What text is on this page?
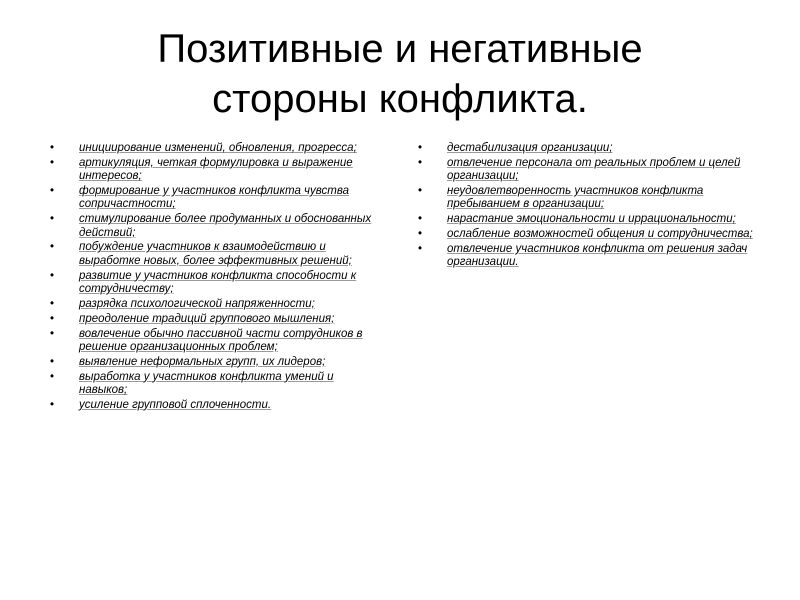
Позитивные и негативные
стороны конфликта.
• инициирование изменений, обновления, прогресса;
• артикуляция, четкая формулировка и выражение интересов;
• формирование у участников конфликта чувства сопричастности;
• стимулирование более продуманных и обоснованных действий;
• побуждение участников к взаимодействию и выработке новых, более эффективных решений;
• развитие у участников конфликта способности к сотрудничеству;
• разрядка психологической напряженности;
• преодоление традиций группового мышления;
• вовлечение обычно пассивной части сотрудников в решение организационных проблем;
• выявление неформальных групп, их лидеров;
• выработка у участников конфликта умений и навыков;
• усиление групповой сплоченности.
• дестабилизация организации;
• отвлечение персонала от реальных проблем и целей организации;
• неудовлетворенность участников конфликта пребыванием в организации;
• нарастание эмоциональности и иррациональности;
• ослабление возможностей общения и сотрудничества;
• отвлечение участников конфликта от решения задач организации.
